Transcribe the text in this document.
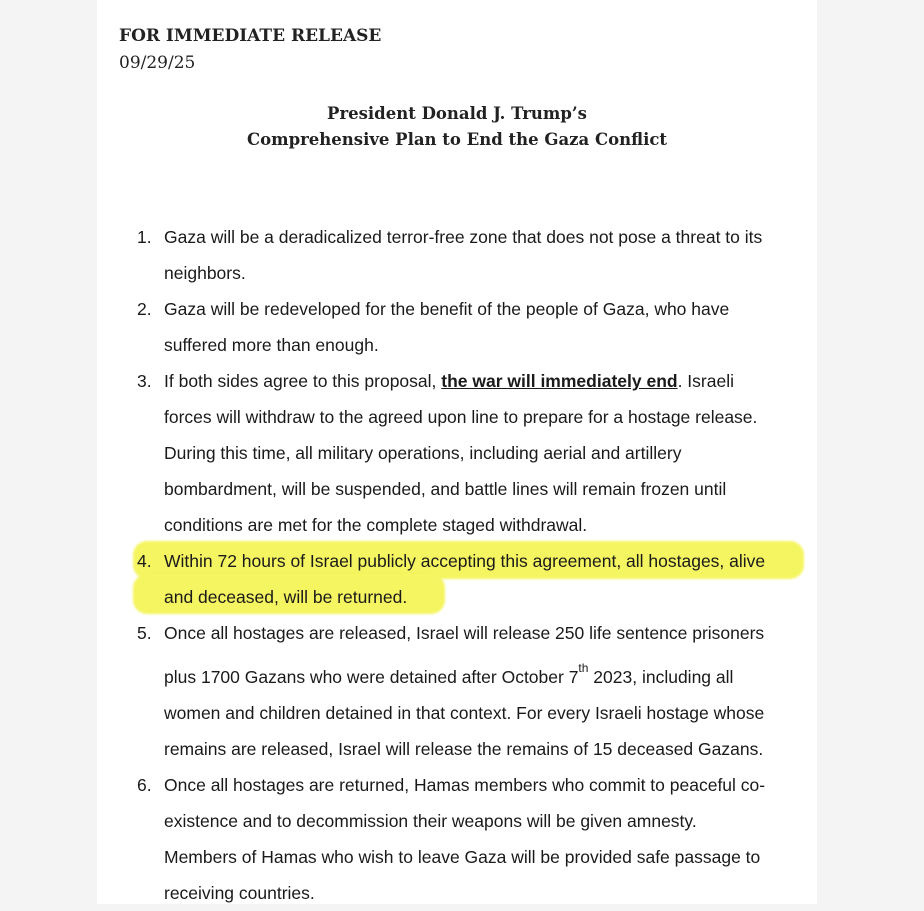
FOR IMMEDIATE RELEASE
09/29/25
President Donald J. Trump’s
Comprehensive Plan to End the Gaza Conflict
1. Gaza will be a deradicalized terror-free zone that does not pose a threat to its
neighbors.
2. Gaza will be redeveloped for the benefit of the people of Gaza, who have
suffered more than enough.
3. If both sides agree to this proposal, the war will immediately end. Israeli
forces will withdraw to the agreed upon line to prepare for a hostage release.
During this time, all military operations, including aerial and artillery
bombardment, will be suspended, and battle lines will remain frozen until
conditions are met for the complete staged withdrawal.
4. Within 72 hours of Israel publicly accepting this agreement, all hostages, alive
and deceased, will be returned.
5. Once all hostages are released, Israel will release 250 life sentence prisoners
plus 1700 Gazans who were detained after October 7th 2023, including all
women and children detained in that context. For every Israeli hostage whose
remains are released, Israel will release the remains of 15 deceased Gazans.
6. Once all hostages are returned, Hamas members who commit to peaceful co-
existence and to decommission their weapons will be given amnesty.
Members of Hamas who wish to leave Gaza will be provided safe passage to
receiving countries.
